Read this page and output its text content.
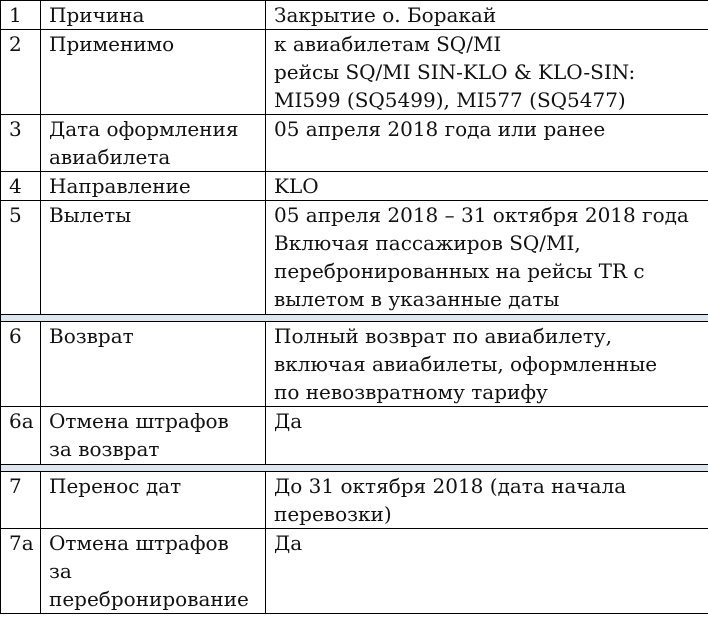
1	Причина	Закрытие о. Боракай

2	Применимо	к авиабилетам SQ/MI
рейсы SQ/MI SIN-KLO & KLO-SIN:
MI599 (SQ5499), MI577 (SQ5477)

3	Дата оформления
авиабилета	05 апреля 2018 года или ранее

4	Направление	KLO

5	Вылеты	05 апреля 2018 – 31 октября 2018 года
Включая пассажиров SQ/MI,
перебронированных на рейсы TR с
вылетом в указанные даты

6	Возврат	Полный возврат по авиабилету,
включая авиабилеты, оформленные
по невозвратному тарифу

6a	Отмена штрафов
за возврат	Да

7	Перенос дат	До 31 октября 2018 (дата начала
перевозки)

7a	Отмена штрафов
за
перебронирование	Да
